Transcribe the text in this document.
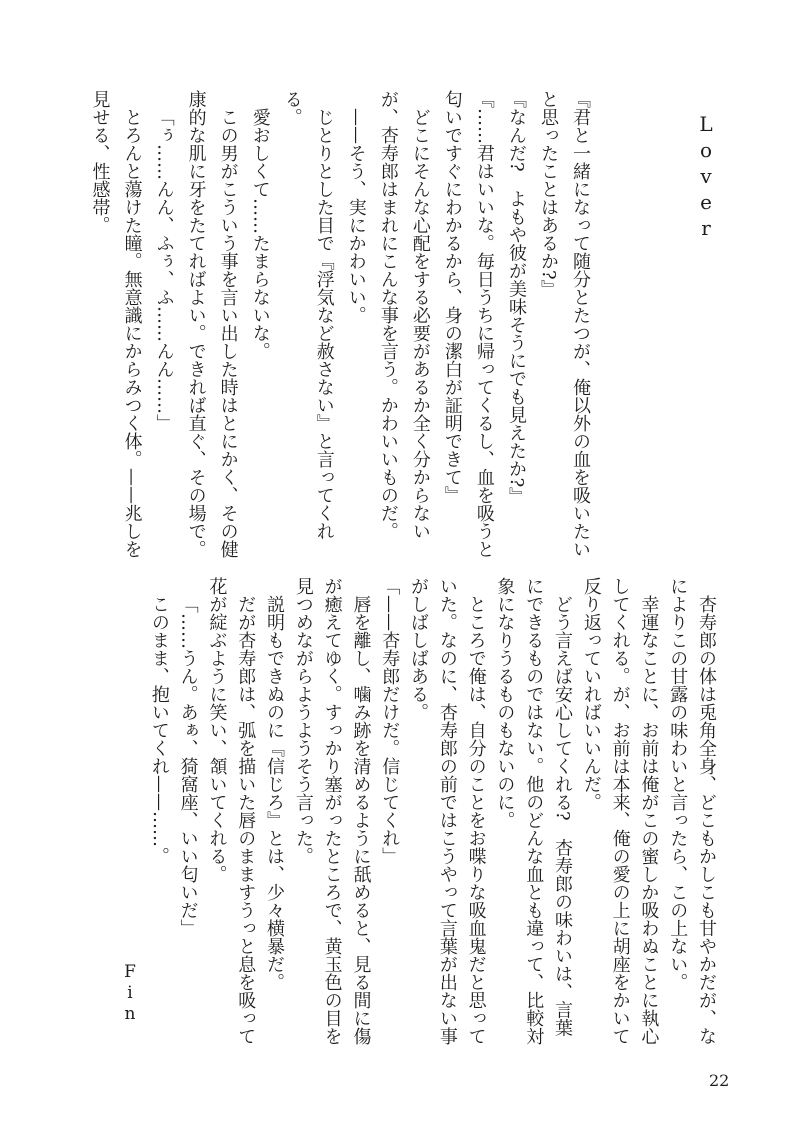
Lover

『君と一緒になって随分とたつが、俺以外の血を吸いたいと思ったことはあるか?』

『なんだ?　よもや彼が美味そうにでも見えたか?』

『……君はいいな。毎日うちに帰ってくるし、血を吸うと匂いですぐにわかるから、身の潔白が証明できて』

どこにそんな心配をする必要があるか全く分からないが、杏寿郎はまれにこんな事を言う。かわいいものだ。

——そう、実にかわいい。

じとりとした目で『浮気など赦さない』と言ってくれる。

愛おしくて……たまらないな。

この男がこういう事を言い出した時はとにかく、その健康的な肌に牙をたてればよい。できれば直ぐ、その場で。

「ぅ……んん、ふぅ、ふ……んん……」

とろんと蕩けた瞳。無意識にからみつく体。——兆しを見せる、性感帯。

杏寿郎の体は兎角全身、どこもかしこも甘やかだが、なによりこの甘露の味わいと言ったら、この上ない。

幸運なことに、お前は俺がこの蜜しか吸わぬことに執心してくれる。が、お前は本来、俺の愛の上に胡座をかいて反り返っていればいいんだ。

どう言えば安心してくれる?　杏寿郎の味わいは、言葉にできるものではない。他のどんな血とも違って、比較対象になりうるものもないのに。

ところで俺は、自分のことをお喋りな吸血鬼だと思っていた。なのに、杏寿郎の前ではこうやって言葉が出ない事がしばしばある。

「——杏寿郎だけだ。信じてくれ」

唇を離し、噛み跡を清めるように舐めると、見る間に傷が癒えてゆく。すっかり塞がったところで、黄玉色の目を見つめながらようようそう言った。

説明もできぬのに『信じろ』とは、少々横暴だ。

だが杏寿郎は、弧を描いた唇のまますうっと息を吸って花が綻ぶように笑い、頷いてくれる。

「……うん。あぁ、猗窩座、いい匂いだ」

このまま、抱いてくれ——……。

Fin
22
